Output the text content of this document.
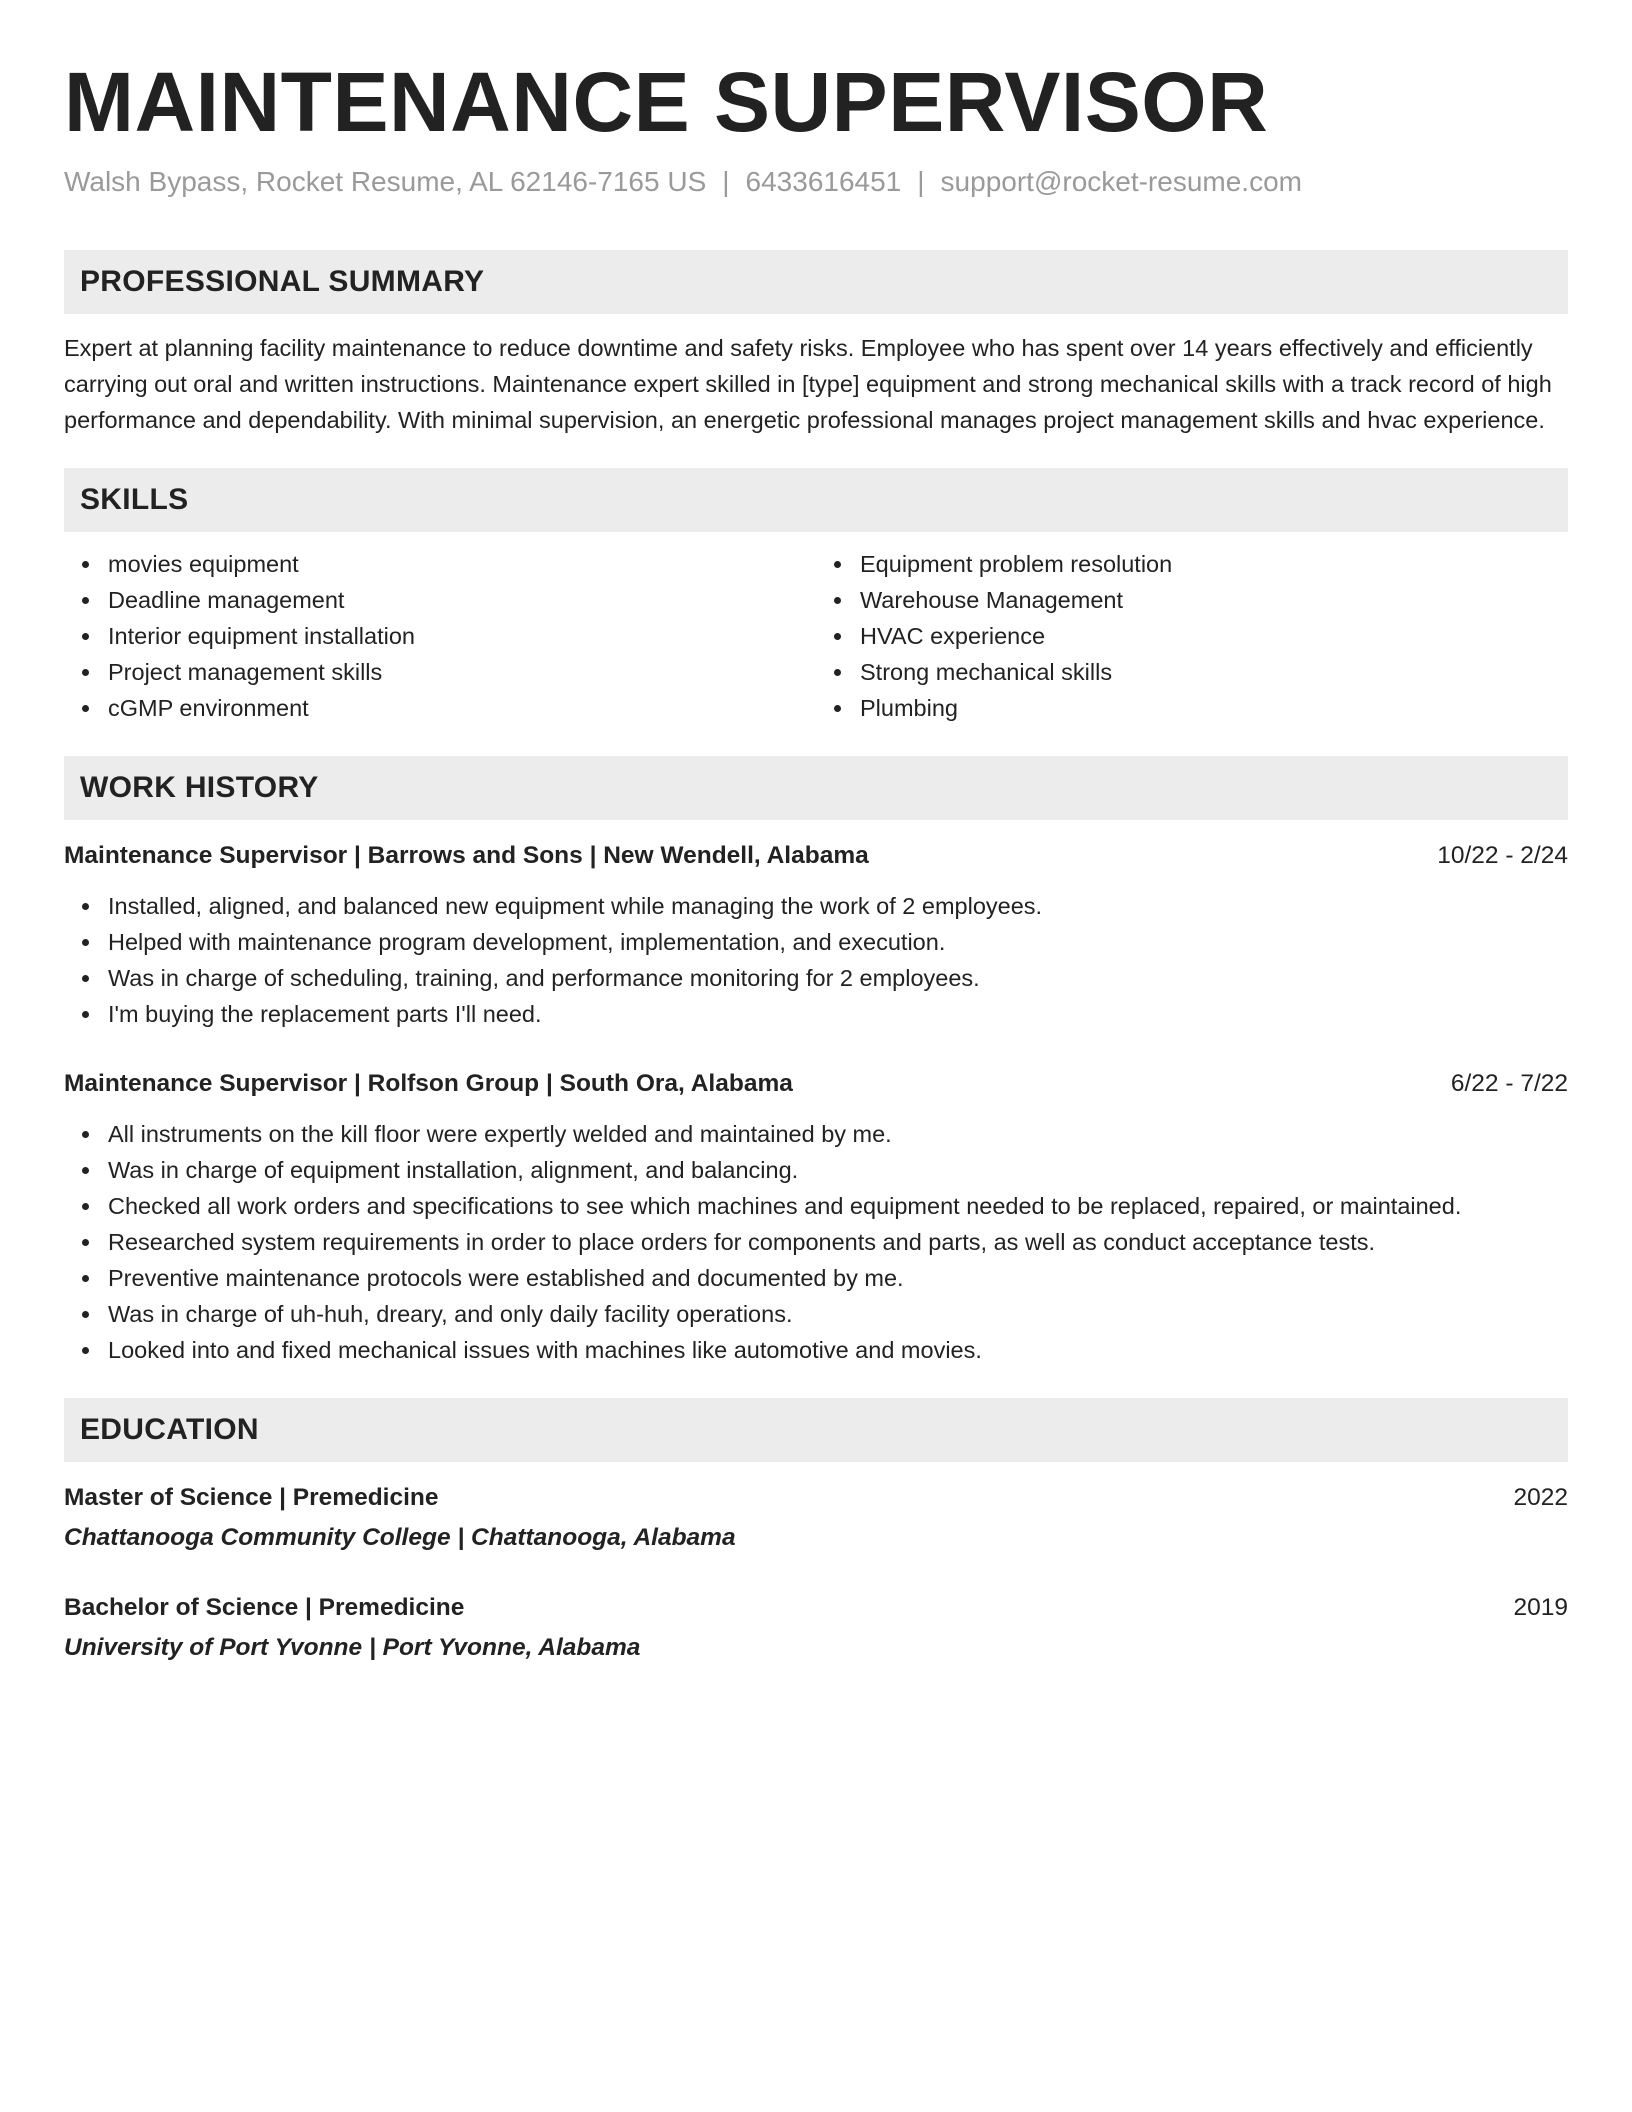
MAINTENANCE SUPERVISOR
Walsh Bypass, Rocket Resume, AL 62146-7165 US | 6433616451 | support@rocket-resume.com
PROFESSIONAL SUMMARY

Expert at planning facility maintenance to reduce downtime and safety risks. Employee who has spent over 14 years effectively and efficiently carrying out oral and written instructions. Maintenance expert skilled in [type] equipment and strong mechanical skills with a track record of high performance and dependability. With minimal supervision, an energetic professional manages project management skills and hvac experience.

SKILLS
movies equipment
Deadline management
Interior equipment installation
Project management skills
cGMP environment
Equipment problem resolution
Warehouse Management
HVAC experience
Strong mechanical skills
Plumbing
WORK HISTORY
Maintenance Supervisor | Barrows and Sons | New Wendell, Alabama	10/22 - 2/24
Installed, aligned, and balanced new equipment while managing the work of 2 employees.
Helped with maintenance program development, implementation, and execution.
Was in charge of scheduling, training, and performance monitoring for 2 employees.
I'm buying the replacement parts I'll need.
Maintenance Supervisor | Rolfson Group | South Ora, Alabama	6/22 - 7/22
All instruments on the kill floor were expertly welded and maintained by me.
Was in charge of equipment installation, alignment, and balancing.
Checked all work orders and specifications to see which machines and equipment needed to be replaced, repaired, or maintained.
Researched system requirements in order to place orders for components and parts, as well as conduct acceptance tests.
Preventive maintenance protocols were established and documented by me.
Was in charge of uh-huh, dreary, and only daily facility operations.
Looked into and fixed mechanical issues with machines like automotive and movies.
EDUCATION
Master of Science | Premedicine	2022
Chattanooga Community College | Chattanooga, Alabama
Bachelor of Science | Premedicine	2019
University of Port Yvonne | Port Yvonne, Alabama
